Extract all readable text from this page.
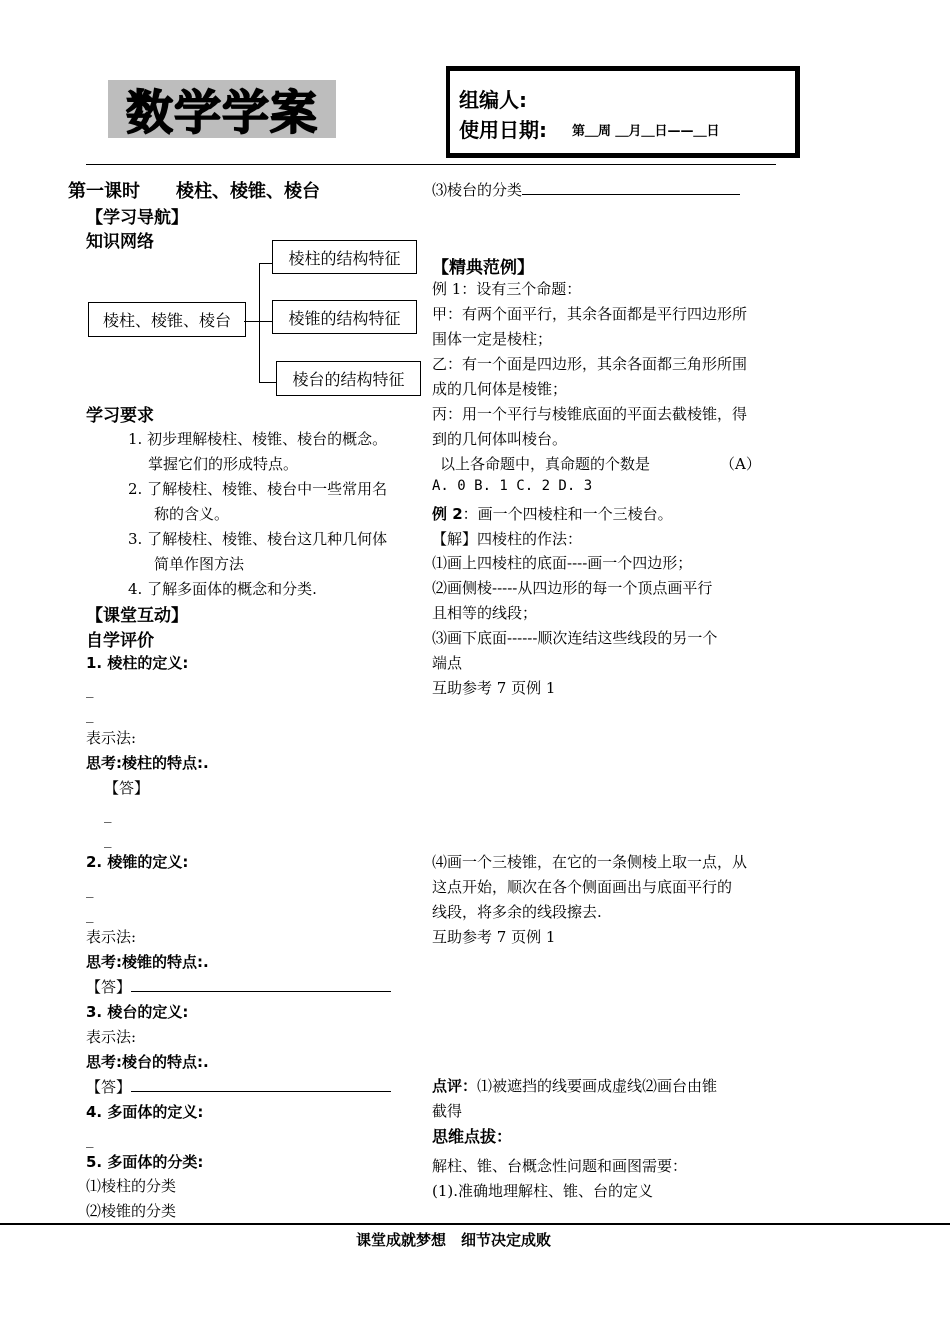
数学学案	组编人:
使用日期: 第＿周 ＿月＿日——＿日
第一课时　　棱柱、棱锥、棱台
【学习导航】
知识网络
棱柱、棱锥、棱台
棱柱的结构特征
棱锥的结构特征
棱台的结构特征
学习要求
1. 初步理解棱柱、棱锥、棱台的概念。
掌握它们的形成特点。
2. 了解棱柱、棱锥、棱台中一些常用名
称的含义。
3. 了解棱柱、棱锥、棱台这几种几何体
简单作图方法
4. 了解多面体的概念和分类.
【课堂互动】
自学评价
1. 棱柱的定义:
_
_
表示法:
思考:棱柱的特点:.
【答】
_
_
2. 棱锥的定义:
_
_
表示法:
思考:棱锥的特点:.
【答】
3. 棱台的定义:
表示法:
思考:棱台的特点:.
【答】
4. 多面体的定义:
_
5. 多面体的分类:
⑴棱柱的分类
⑵棱锥的分类
⑶棱台的分类
【精典范例】
例 1：设有三个命题：
甲：有两个面平行，其余各面都是平行四边形所
围体一定是棱柱；
乙：有一个面是四边形，其余各面都三角形所围
成的几何体是棱锥；
丙：用一个平行与棱锥底面的平面去截棱锥，得
到的几何体叫棱台。
以上各命题中，真命题的个数是	（A）
A. 0 B. 1 C. 2 D. 3
例 2：画一个四棱柱和一个三棱台。
【解】四棱柱的作法：
⑴画上四棱柱的底面----画一个四边形；
⑵画侧棱-----从四边形的每一个顶点画平行
且相等的线段；
⑶画下底面------顺次连结这些线段的另一个
端点
互助参考 7 页例 1
⑷画一个三棱锥，在它的一条侧棱上取一点，从
这点开始，顺次在各个侧面画出与底面平行的
线段，将多余的线段擦去.
互助参考 7 页例 1
点评：⑴被遮挡的线要画成虚线⑵画台由锥
截得
思维点拔：
解柱、锥、台概念性问题和画图需要：
(1).准确地理解柱、锥、台的定义
课堂成就梦想　细节决定成败
